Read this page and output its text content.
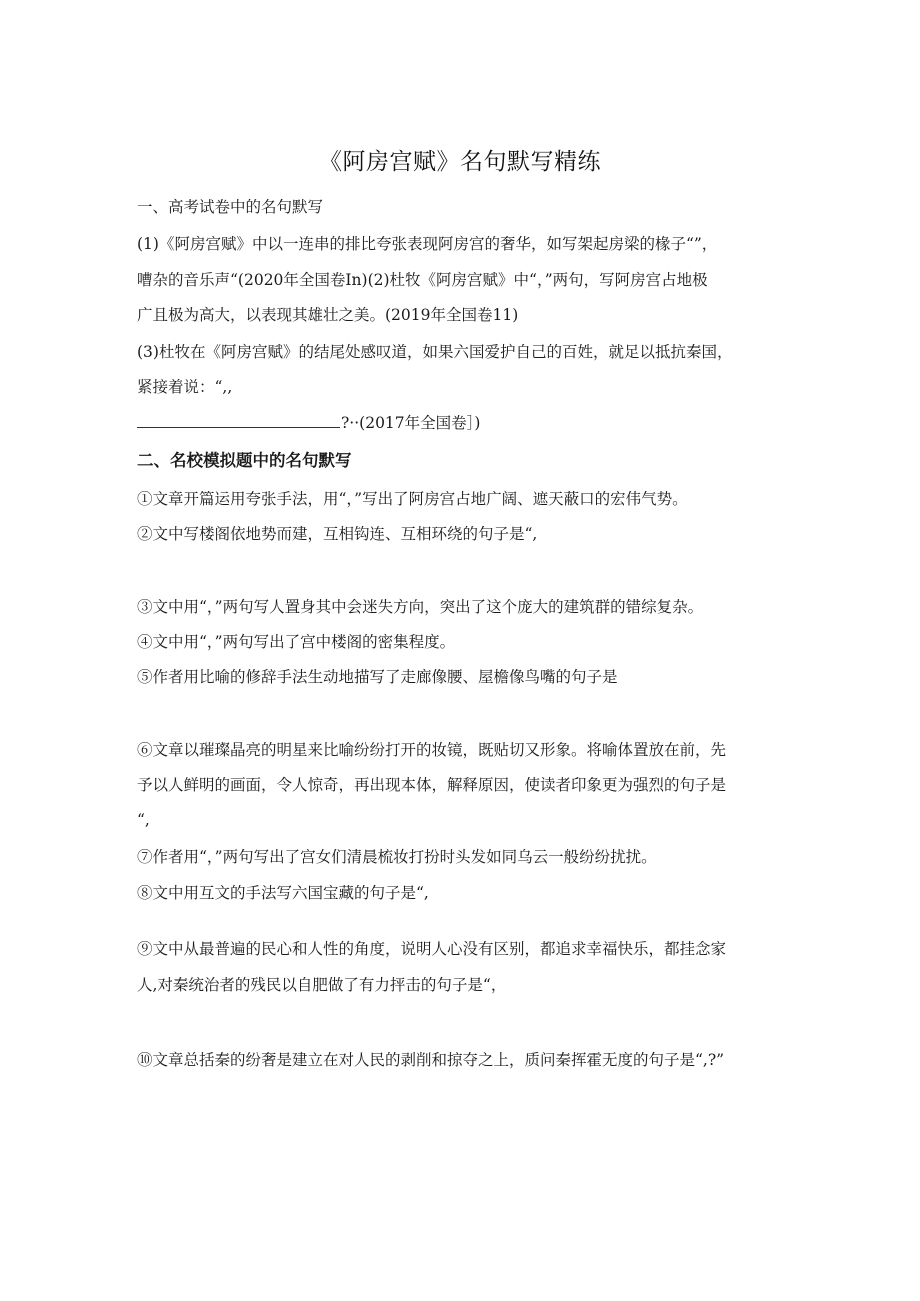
《阿房宫赋》名句默写精练
一、高考试卷中的名句默写
(1)《阿房宫赋》中以一连串的排比夸张表现阿房宫的奢华，如写架起房梁的椽子“”，
嘈杂的音乐声“(2020年全国卷In)(2)杜牧《阿房宫赋》中“，”两句，写阿房宫占地极
广且极为高大，以表现其雄壮之美。(2019年全国卷11)
(3)杜牧在《阿房宫赋》的结尾处感叹道，如果六国爱护自己的百姓，就足以抵抗秦国，
紧接着说：“,,
?··(2017年全国卷］)
二、名校模拟题中的名句默写
①文章开篇运用夸张手法，用“，”写出了阿房宫占地广阔、遮天蔽口的宏伟气势。
②文中写楼阁依地势而建，互相钩连、互相环绕的句子是“,
③文中用“，”两句写人置身其中会迷失方向，突出了这个庞大的建筑群的错综复杂。
④文中用“，”两句写出了宫中楼阁的密集程度。
⑤作者用比喻的修辞手法生动地描写了走廊像腰、屋檐像鸟嘴的句子是
⑥文章以璀璨晶亮的明星来比喻纷纷打开的妆镜，既贴切又形象。将喻体置放在前，先
予以人鲜明的画面，令人惊奇，再出现本体，解释原因，使读者印象更为强烈的句子是
“,
⑦作者用“，”两句写出了宫女们清晨梳妆打扮时头发如同乌云一般纷纷扰扰。
⑧文中用互文的手法写六国宝藏的句子是“,
⑨文中从最普遍的民心和人性的角度，说明人心没有区别，都追求幸福快乐，都挂念家
人,对秦统治者的残民以自肥做了有力抨击的句子是“，
⑩文章总括秦的纷奢是建立在对人民的剥削和掠夺之上，质问秦挥霍无度的句子是“,?”
